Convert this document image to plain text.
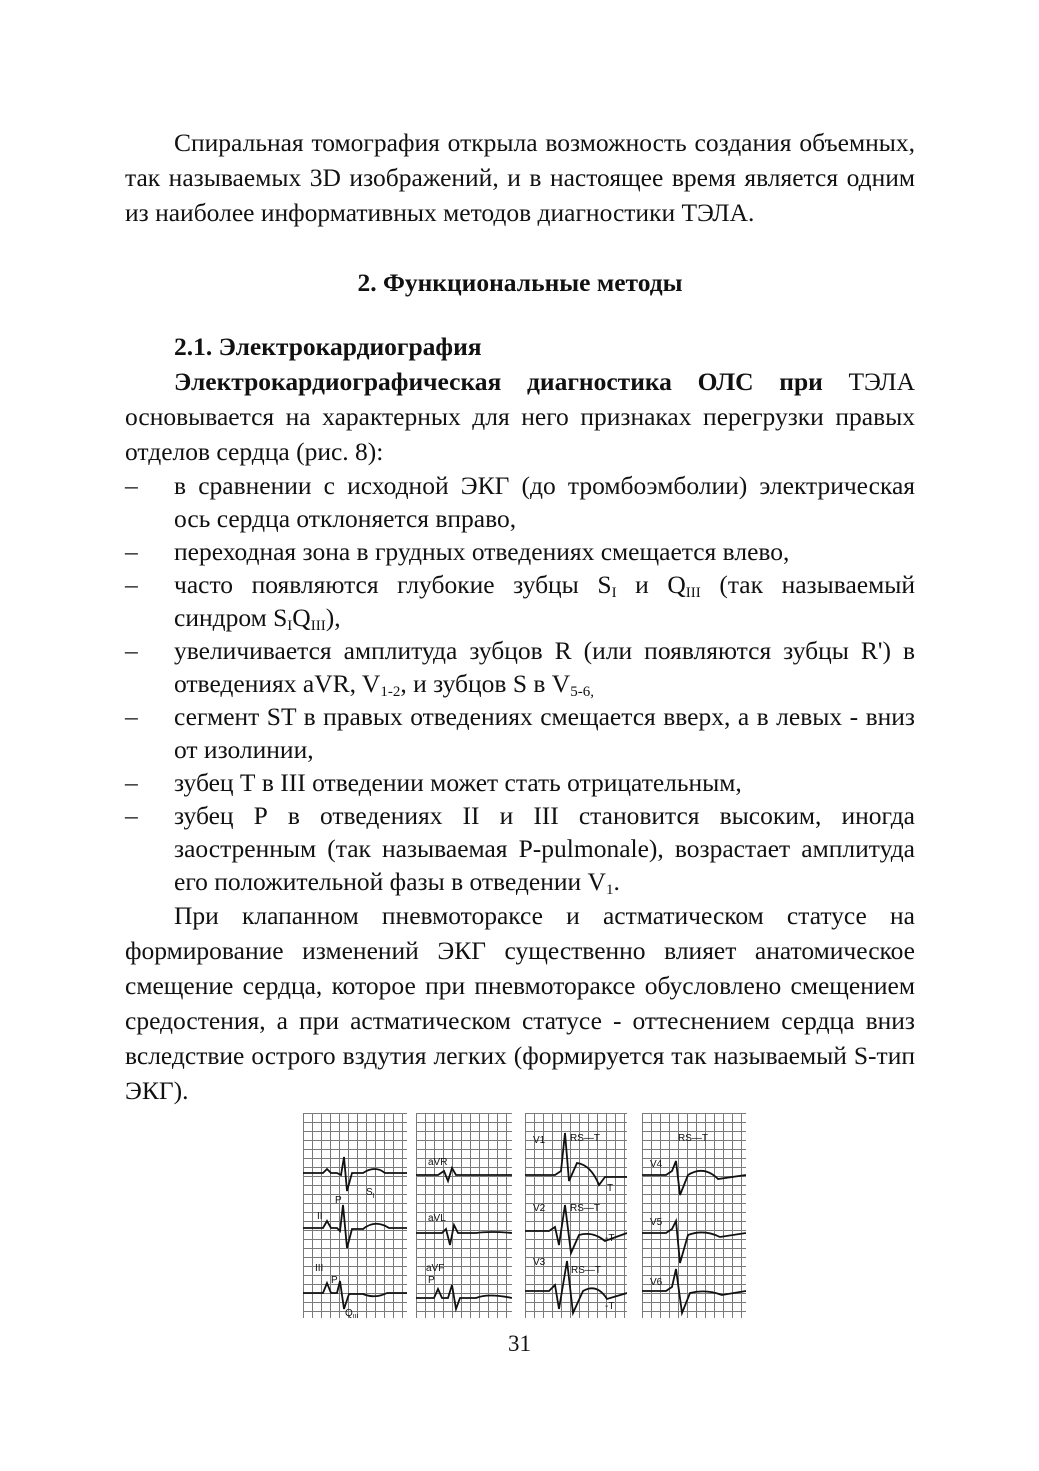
Спиральная томография открыла возможность создания объемных, так называемых 3D изображений, и в настоящее время является одним из наиболее информативных методов диагностики ТЭЛА.

2. Функциональные методы
2.1. Электрокардиография

Электрокардиографическая диагностика ОЛС при ТЭЛА основывается на характерных для него признаках перегрузки правых отделов сердца (рис. 8):

– в сравнении с исходной ЭКГ (до тромбоэмболии) электрическая ось сердца отклоняется вправо,
– переходная зона в грудных отведениях смещается влево,
– часто появляются глубокие зубцы $S_I$ и $Q_{III}$ (так называемый синдром $S_IQ_{III}$),
– увеличивается амплитуда зубцов R (или появляются зубцы R') в отведениях aVR, $V_{1-2}$, и зубцов S в $V_{5-6,}$
– сегмент ST в правых отведениях смещается вверх, а в левых - вниз от изолинии,
– зубец Т в III отведении может стать отрицательным,
– зубец Р в отведениях II и III становится высоким, иногда заостренным (так называемая P-pulmonale), возрастает амплитуда его положительной фазы в отведении $V_1$.

При клапанном пневмотораксе и астматическом статусе на формирование изменений ЭКГ существенно влияет анатомическое смещение сердца, которое при пневмотораксе обусловлено смещением средостения, а при астматическом статусе - оттеснением сердца вниз вследствие острого вздутия легких (формируется так называемый S-тип ЭКГ).

$S_I$
P
II
III
P
$Q_{III}$
aVR
aVL
aVF
P
V1 RS—T
T
V2 RS—T
-T
V3
RS—T
-T
V4
RS—T
V5
V6
31
